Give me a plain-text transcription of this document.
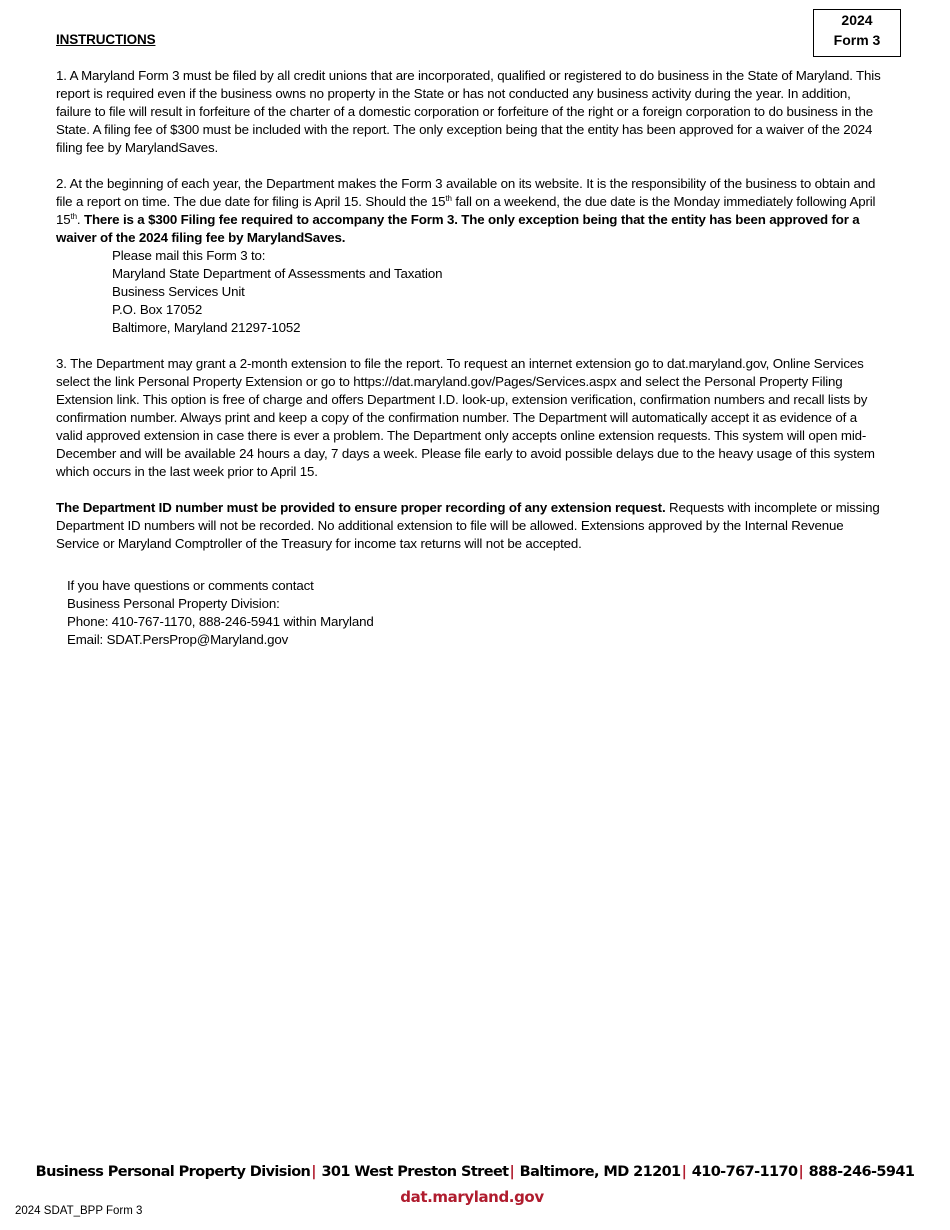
2024
Form 3
INSTRUCTIONS

1. A Maryland Form 3 must be filed by all credit unions that are incorporated, qualified or registered to do business in the State of Maryland. This report is required even if the business owns no property in the State or has not conducted any business activity during the year. In addition, failure to file will result in forfeiture of the charter of a domestic corporation or forfeiture of the right or a foreign corporation to do business in the State. A filing fee of $300 must be included with the report. The only exception being that the entity has been approved for a waiver of the 2024 filing fee by MarylandSaves.

2. At the beginning of each year, the Department makes the Form 3 available on its website. It is the responsibility of the business to obtain and file a report on time. The due date for filing is April 15. Should the 15th fall on a weekend, the due date is the Monday immediately following April 15th. There is a $300 Filing fee required to accompany the Form 3. The only exception being that the entity has been approved for a waiver of the 2024 filing fee by MarylandSaves.
Please mail this Form 3 to:
Maryland State Department of Assessments and Taxation
Business Services Unit
P.O. Box 17052
Baltimore, Maryland 21297-1052

3. The Department may grant a 2-month extension to file the report. To request an internet extension go to dat.maryland.gov, Online Services select the link Personal Property Extension or go to https://dat.maryland.gov/Pages/Services.aspx and select the Personal Property Filing Extension link. This option is free of charge and offers Department I.D. look-up, extension verification, confirmation numbers and recall lists by confirmation number. Always print and keep a copy of the confirmation number. The Department will automatically accept it as evidence of a valid approved extension in case there is ever a problem. The Department only accepts online extension requests. This system will open mid-December and will be available 24 hours a day, 7 days a week. Please file early to avoid possible delays due to the heavy usage of this system which occurs in the last week prior to April 15.

The Department ID number must be provided to ensure proper recording of any extension request. Requests with incomplete or missing Department ID numbers will not be recorded. No additional extension to file will be allowed. Extensions approved by the Internal Revenue Service or Maryland Comptroller of the Treasury for income tax returns will not be accepted.

If you have questions or comments contact
Business Personal Property Division:
Phone: 410-767-1170, 888-246-5941 within Maryland
Email: SDAT.PersProp@Maryland.gov
Business Personal Property Division| 301 West Preston Street| Baltimore, MD 21201| 410-767-1170| 888-246-5941
dat.maryland.gov
2024 SDAT_BPP Form 3
